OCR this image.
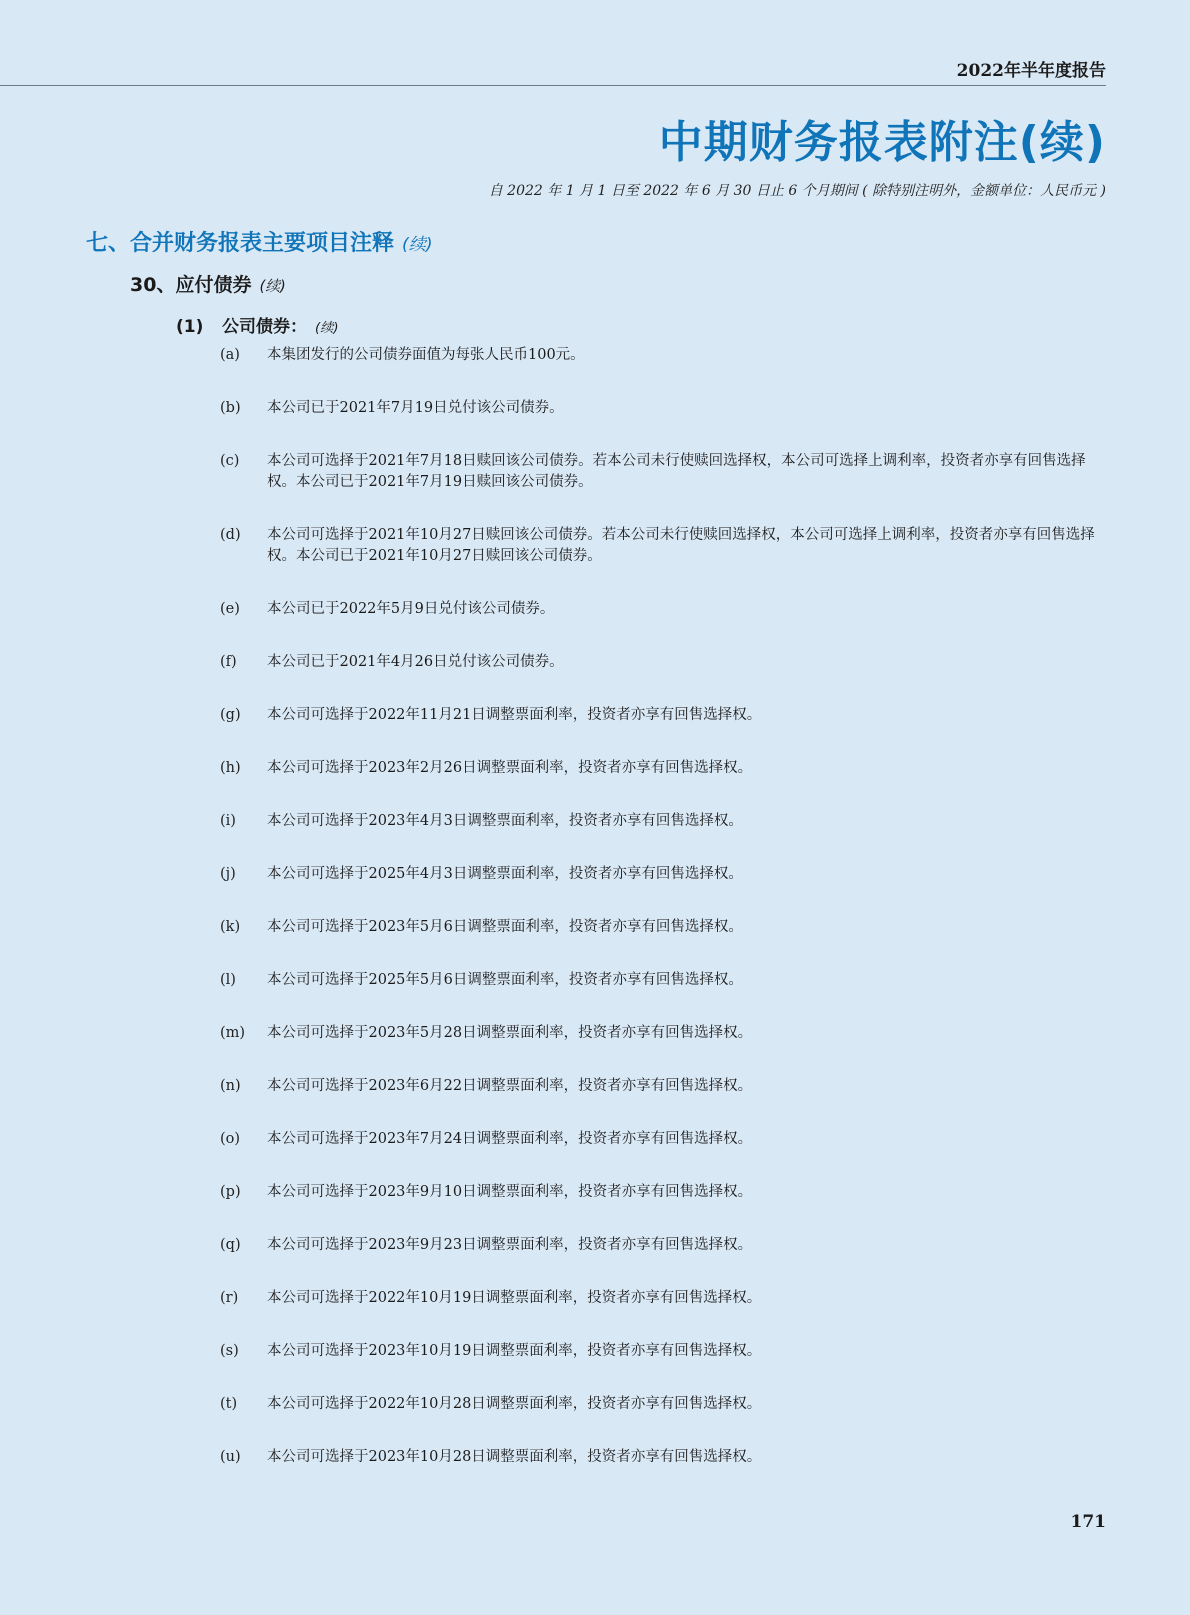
2022年半年度报告
中期财务报表附注(续)
自 2022 年 1 月 1 日至 2022 年 6 月 30 日止 6 个月期间 ( 除特别注明外，金额单位：人民币元 )
七、合并财务报表主要项目注释 (续)
30、应付债券 (续)
(1) 公司债券： (续)
(a)	本集团发行的公司债券面值为每张人民币100元。
(b)	本公司已于2021年7月19日兑付该公司债券。
(c)	本公司可选择于2021年7月18日赎回该公司债券。若本公司未行使赎回选择权，本公司可选择上调利率，投资者亦享有回售选择权。本公司已于2021年7月19日赎回该公司债券。
(d)	本公司可选择于2021年10月27日赎回该公司债券。若本公司未行使赎回选择权，本公司可选择上调利率，投资者亦享有回售选择权。本公司已于2021年10月27日赎回该公司债券。
(e)	本公司已于2022年5月9日兑付该公司债券。
(f)	本公司已于2021年4月26日兑付该公司债券。
(g)	本公司可选择于2022年11月21日调整票面利率，投资者亦享有回售选择权。
(h)	本公司可选择于2023年2月26日调整票面利率，投资者亦享有回售选择权。
(i)	本公司可选择于2023年4月3日调整票面利率，投资者亦享有回售选择权。
(j)	本公司可选择于2025年4月3日调整票面利率，投资者亦享有回售选择权。
(k)	本公司可选择于2023年5月6日调整票面利率，投资者亦享有回售选择权。
(l)	本公司可选择于2025年5月6日调整票面利率，投资者亦享有回售选择权。
(m)	本公司可选择于2023年5月28日调整票面利率，投资者亦享有回售选择权。
(n)	本公司可选择于2023年6月22日调整票面利率，投资者亦享有回售选择权。
(o)	本公司可选择于2023年7月24日调整票面利率，投资者亦享有回售选择权。
(p)	本公司可选择于2023年9月10日调整票面利率，投资者亦享有回售选择权。
(q)	本公司可选择于2023年9月23日调整票面利率，投资者亦享有回售选择权。
(r)	本公司可选择于2022年10月19日调整票面利率，投资者亦享有回售选择权。
(s)	本公司可选择于2023年10月19日调整票面利率，投资者亦享有回售选择权。
(t)	本公司可选择于2022年10月28日调整票面利率，投资者亦享有回售选择权。
(u)	本公司可选择于2023年10月28日调整票面利率，投资者亦享有回售选择权。
171
